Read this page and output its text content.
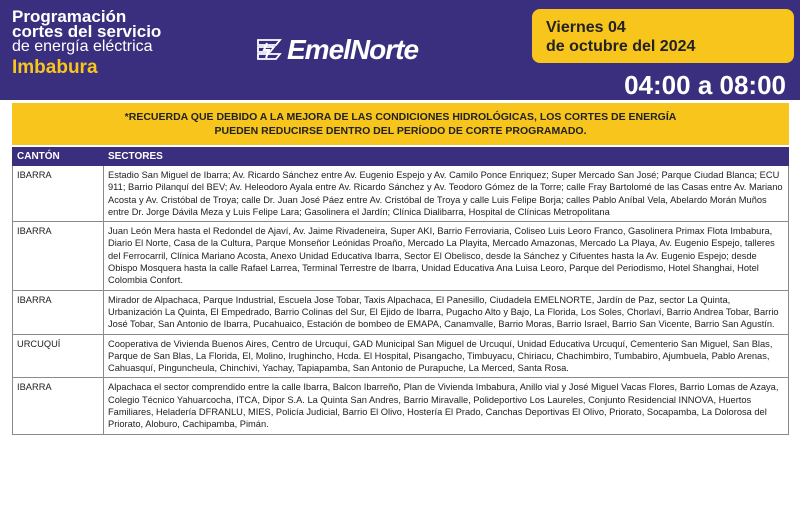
Programación
cortes del servicio
de energía eléctrica
Imbabura
EmelNorte
Viernes 04
de octubre del 2024
04:00 a 08:00
*RECUERDA QUE DEBIDO A LA MEJORA DE LAS CONDICIONES HIDROLÓGICAS, LOS CORTES DE ENERGÍA
PUEDEN REDUCIRSE DENTRO DEL PERÍODO DE CORTE PROGRAMADO.
CANTÓN	SECTORES
IBARRA	Estadio San Miguel de Ibarra; Av. Ricardo Sánchez entre Av. Eugenio Espejo y Av. Camilo Ponce Enriquez; Super Mercado San José; Parque Ciudad Blanca; ECU 911; Barrio Pilanquí del BEV; Av. Heleodoro Ayala entre Av. Ricardo Sánchez y Av. Teodoro Gómez de la Torre; calle Fray Bartolomé de las Casas entre Av. Mariano Acosta y Av. Cristóbal de Troya; calle Dr. Juan José Páez entre Av. Cristóbal de Troya y calle Luis Felipe Borja; calles Pablo Aníbal Vela, Abelardo Morán Muños entre Dr. Jorge Dávila Meza y Luis Felipe Lara; Gasolinera el Jardín; Clínica Dialibarra, Hospital de Clínicas Metropolitana
IBARRA	Juan León Mera hasta el Redondel de Ajaví, Av. Jaime Rivadeneira, Super AKI, Barrio Ferroviaria, Coliseo Luis Leoro Franco, Gasolinera Primax Flota Imbabura, Diario El Norte, Casa de la Cultura, Parque Monseñor Leónidas Proaño, Mercado La Playita, Mercado Amazonas, Mercado La Playa, Av. Eugenio Espejo, talleres del Ferrocarril, Clínica Mariano Acosta, Anexo Unidad Educativa Ibarra, Sector El Obelisco, desde la Sánchez y Cifuentes hasta la Av. Eugenio Espejo; desde Obispo Mosquera hasta la calle Rafael Larrea, Terminal Terrestre de Ibarra, Unidad Educativa Ana Luisa Leoro, Parque del Periodismo, Hotel Shanghai, Hotel Colombia Confort.
IBARRA	Mirador de Alpachaca, Parque Industrial, Escuela Jose Tobar, Taxis Alpachaca, El Panesillo, Ciudadela EMELNORTE, Jardín de Paz, sector La Quinta, Urbanización La Quinta, El Empedrado, Barrio Colinas del Sur, El Ejido de Ibarra, Pugacho Alto y Bajo, La Florida, Los Soles, Chorlaví, Barrio Andrea Tobar, Barrio José Tobar, San Antonio de Ibarra, Pucahuaico, Estación de bombeo de EMAPA, Canamvalle, Barrio Moras, Barrio Israel, Barrio San Vicente, Barrio San Agustín.
URCUQUÍ	Cooperativa de Vivienda Buenos Aires, Centro de Urcuquí, GAD Municipal San Miguel de Urcuquí, Unidad Educativa Urcuquí, Cementerio San Miguel, San Blas, Parque de San Blas, La Florida, El, Molino, Irughincho, Hcda. El Hospital, Pisangacho, Timbuyacu, Chiriacu, Chachimbiro, Tumbabiro, Ajumbuela, Pablo Arenas, Cahuasquí, Pinguncheula, Chinchivi, Yachay, Tapiapamba, San Antonio de Purapuche, La Merced, Santa Rosa.
IBARRA	Alpachaca el sector comprendido entre la calle Ibarra, Balcon Ibarreño, Plan de Vivienda Imbabura, Anillo vial y José Miguel Vacas Flores, Barrio Lomas de Azaya, Colegio Técnico Yahuarcocha, ITCA, Dipor S.A. La Quinta San Andres, Barrio Miravalle, Polideportivo Los Laureles, Conjunto Residencial INNOVA, Huertos Familiares, Heladería DFRANLU, MIES, Policía Judicial, Barrio El Olivo, Hostería El Prado, Canchas Deportivas El Olivo, Priorato, Socapamba, La Dolorosa del Priorato, Aloburo, Cachipamba, Pimán.
